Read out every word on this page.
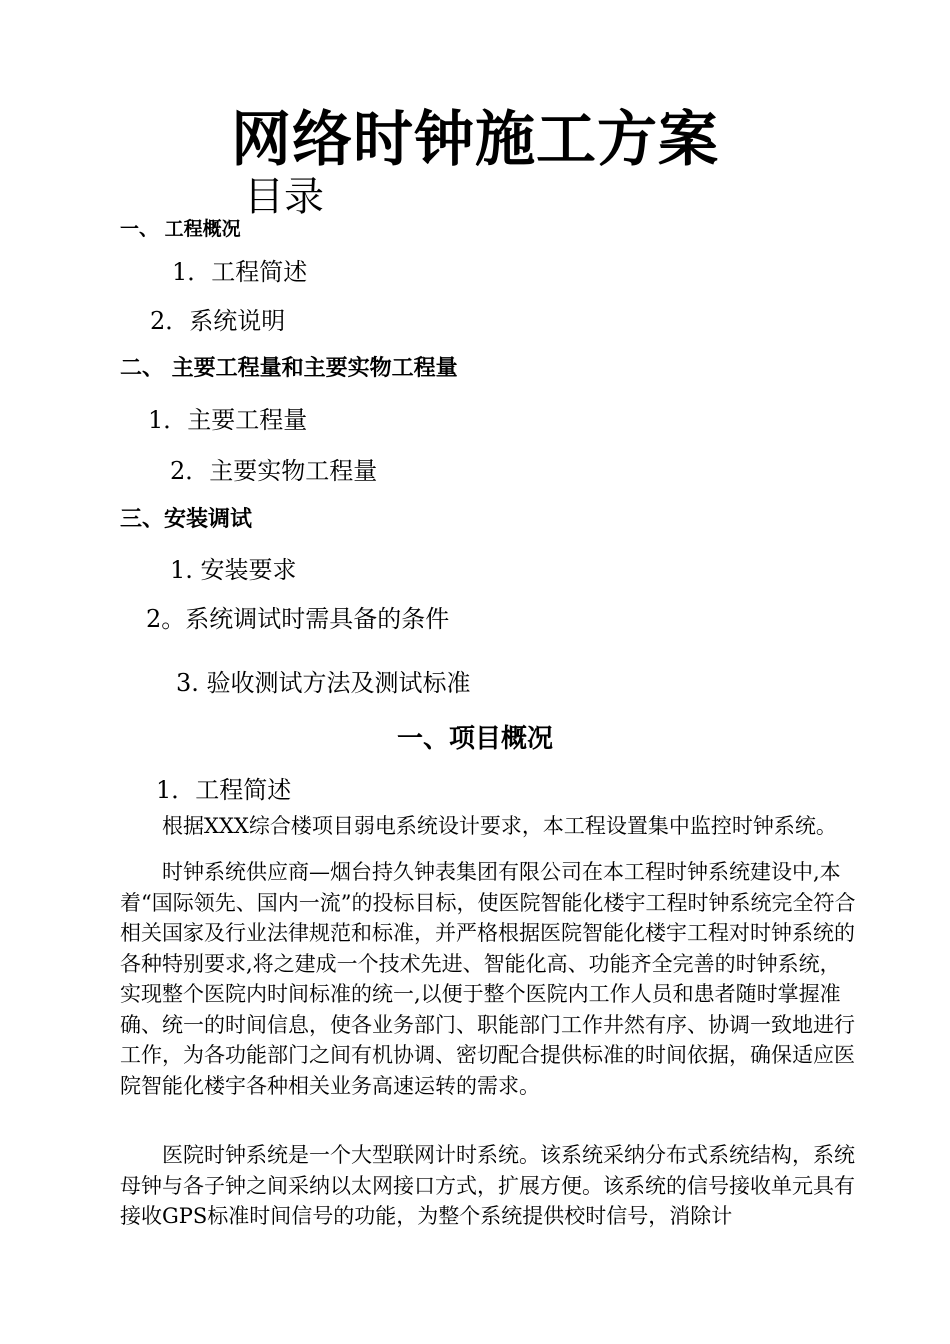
网络时钟施工方案
目录
一、 工程概况
1．工程简述
2．系统说明
二、 主要工程量和主要实物工程量
1．主要工程量
2．主要实物工程量
三、安装调试
1. 安装要求
2。系统调试时需具备的条件
3. 验收测试方法及测试标准
一、项目概况
1．工程简述

根据XXX综合楼项目弱电系统设计要求，本工程设置集中监控时钟系统。

时钟系统供应商—烟台持久钟表集团有限公司在本工程时钟系统建设中,本着“国际领先、国内一流”的投标目标，使医院智能化楼宇工程时钟系统完全符合相关国家及行业法律规范和标准，并严格根据医院智能化楼宇工程对时钟系统的各种特别要求,将之建成一个技术先进、智能化高、功能齐全完善的时钟系统，实现整个医院内时间标准的统一,以便于整个医院内工作人员和患者随时掌握准确、统一的时间信息，使各业务部门、职能部门工作井然有序、协调一致地进行工作，为各功能部门之间有机协调、密切配合提供标准的时间依据，确保适应医院智能化楼宇各种相关业务高速运转的需求。

医院时钟系统是一个大型联网计时系统。该系统采纳分布式系统结构，系统母钟与各子钟之间采纳以太网接口方式，扩展方便。该系统的信号接收单元具有接收GPS标准时间信号的功能，为整个系统提供校时信号，消除计
